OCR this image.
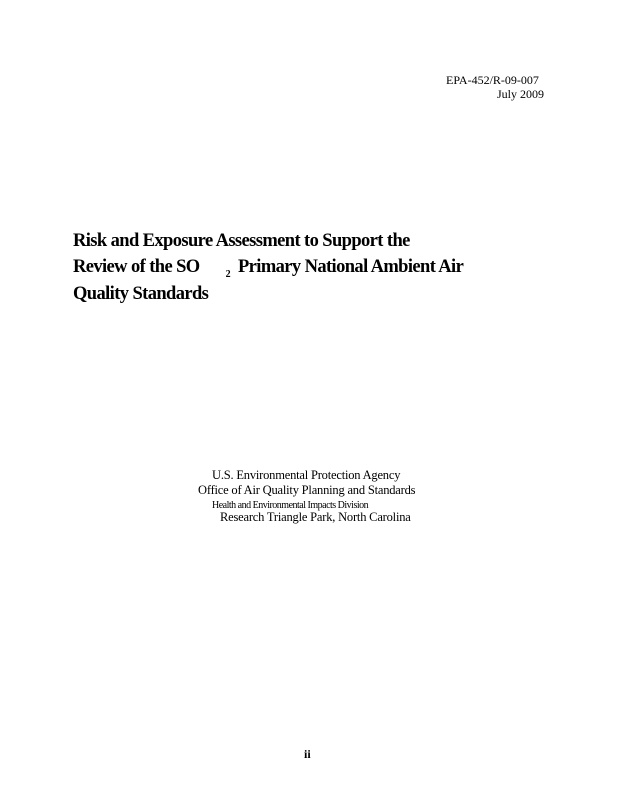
EPA-452/R-09-007
July 2009
Risk and Exposure Assessment to Support the
Review of the SO	$_2$ Primary National Ambient Air
Quality Standards
U.S. Environmental Protection Agency
Office of Air Quality Planning and Standards
Health and Environmental Impacts Division
Research Triangle Park, North Carolina
ii
